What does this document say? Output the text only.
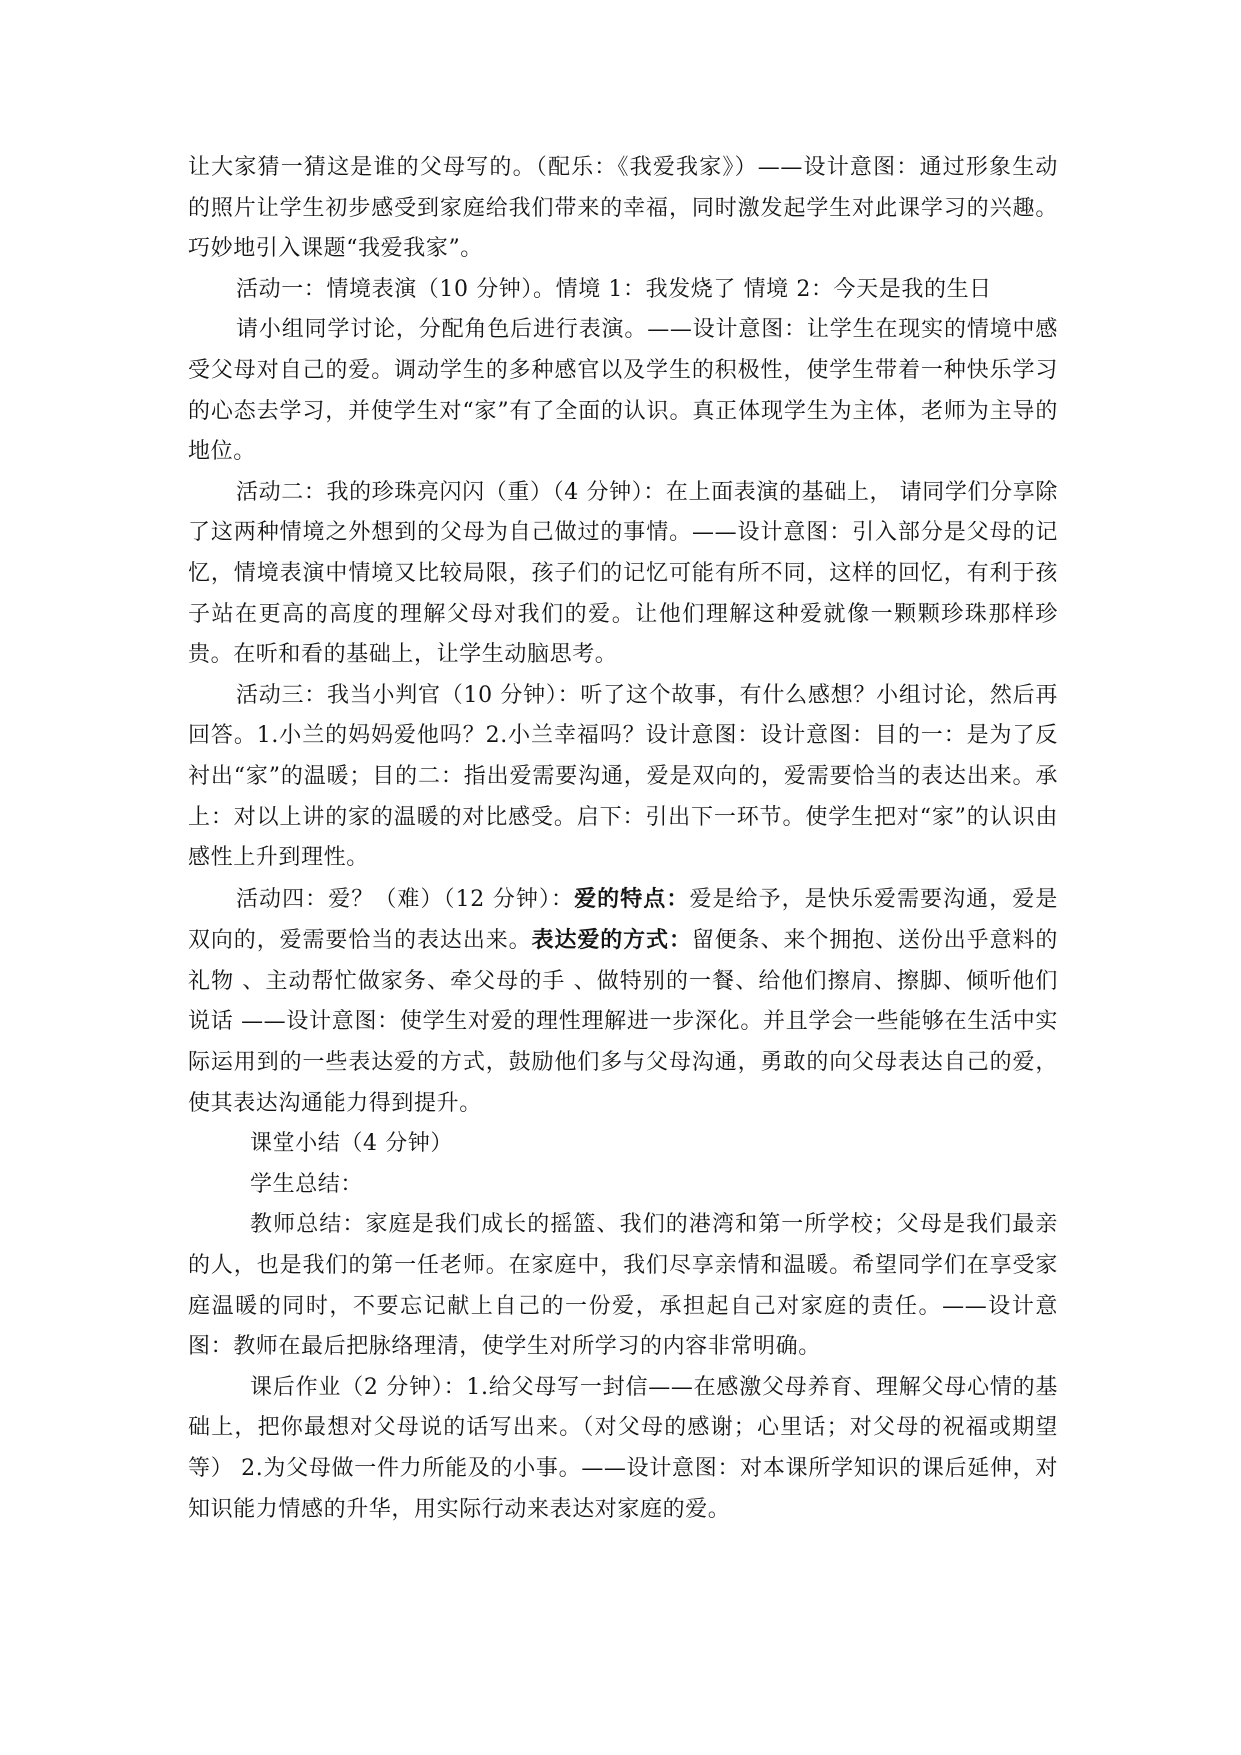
让大家猜一猜这是谁的父母写的。（配乐：《我爱我家》）——设计意图：通过形象生动的照片让学生初步感受到家庭给我们带来的幸福，同时激发起学生对此课学习的兴趣。巧妙地引入课题“我爱我家”。

活动一：情境表演（10 分钟）。情境 1：我发烧了 情境 2：今天是我的生日

请小组同学讨论，分配角色后进行表演。——设计意图：让学生在现实的情境中感受父母对自己的爱。调动学生的多种感官以及学生的积极性，使学生带着一种快乐学习的心态去学习，并使学生对“家”有了全面的认识。真正体现学生为主体，老师为主导的地位。

活动二：我的珍珠亮闪闪（重）（4 分钟）：在上面表演的基础上， 请同学们分享除了这两种情境之外想到的父母为自己做过的事情。——设计意图：引入部分是父母的记忆，情境表演中情境又比较局限，孩子们的记忆可能有所不同，这样的回忆，有利于孩子站在更高的高度的理解父母对我们的爱。让他们理解这种爱就像一颗颗珍珠那样珍贵。在听和看的基础上，让学生动脑思考。

活动三：我当小判官（10 分钟）：听了这个故事，有什么感想？小组讨论，然后再回答。1.小兰的妈妈爱他吗？2.小兰幸福吗？设计意图：设计意图：目的一：是为了反衬出“家”的温暖；目的二：指出爱需要沟通，爱是双向的，爱需要恰当的表达出来。承上：对以上讲的家的温暖的对比感受。启下：引出下一环节。使学生把对“家”的认识由感性上升到理性。

活动四：爱？（难）（12 分钟）：爱的特点：爱是给予，是快乐爱需要沟通，爱是双向的，爱需要恰当的表达出来。表达爱的方式：留便条、来个拥抱、送份出乎意料的礼物 、主动帮忙做家务、牵父母的手 、做特别的一餐、给他们擦肩、擦脚、倾听他们说话 ——设计意图：使学生对爱的理性理解进一步深化。并且学会一些能够在生活中实际运用到的一些表达爱的方式，鼓励他们多与父母沟通，勇敢的向父母表达自己的爱，使其表达沟通能力得到提升。

课堂小结（4 分钟）

学生总结：

教师总结：家庭是我们成长的摇篮、我们的港湾和第一所学校；父母是我们最亲的人，也是我们的第一任老师。在家庭中，我们尽享亲情和温暖。希望同学们在享受家庭温暖的同时，不要忘记献上自己的一份爱，承担起自己对家庭的责任。——设计意图：教师在最后把脉络理清，使学生对所学习的内容非常明确。

课后作业（2 分钟）：1.给父母写一封信——在感激父母养育、理解父母心情的基础上，把你最想对父母说的话写出来。（对父母的感谢；心里话；对父母的祝福或期望等） 2.为父母做一件力所能及的小事。——设计意图：对本课所学知识的课后延伸，对知识能力情感的升华，用实际行动来表达对家庭的爱。
